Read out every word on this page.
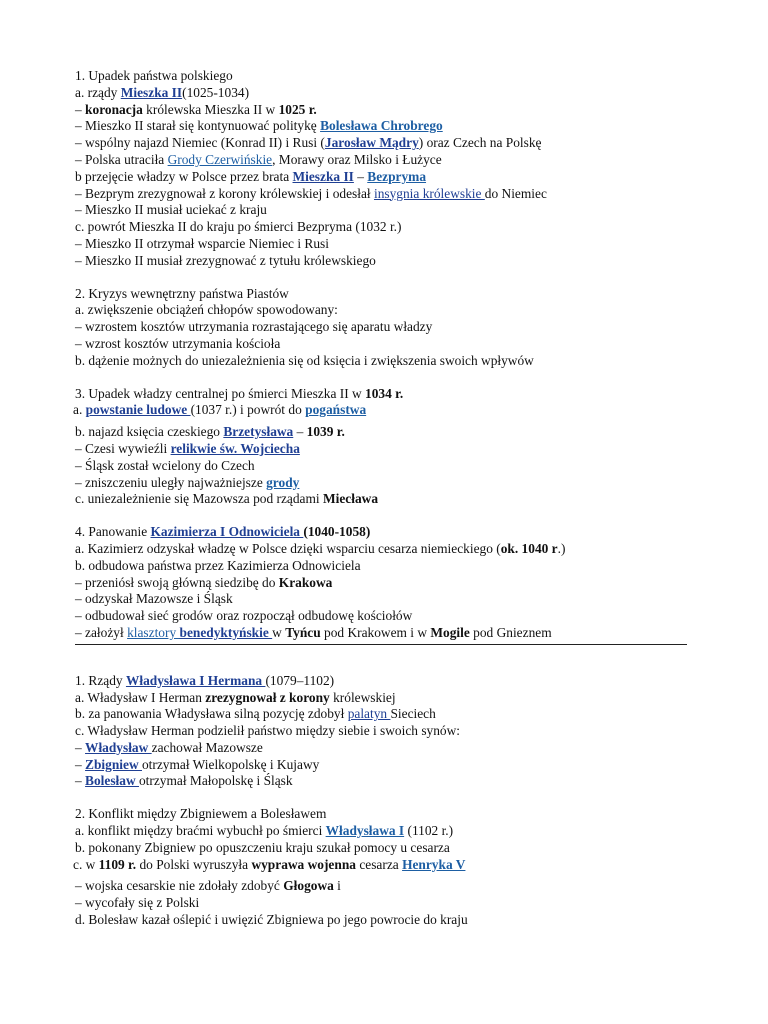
1. Upadek państwa polskiego
a. rządy Mieszka II(1025-1034)
– koronacja królewska Mieszka II w 1025 r.
– Mieszko II starał się kontynuować politykę Bolesława Chrobrego
– wspólny najazd Niemiec (Konrad II) i Rusi (Jarosław Mądry) oraz Czech na Polskę
– Polska utraciła Grody Czerwińskie, Morawy oraz Milsko i Łużyce
b przejęcie władzy w Polsce przez brata Mieszka II – Bezpryma
– Bezprym zrezygnował z korony królewskiej i odesłał insygnia królewskie do Niemiec
– Mieszko II musiał uciekać z kraju
c. powrót Mieszka II do kraju po śmierci Bezpryma (1032 r.)
– Mieszko II otrzymał wsparcie Niemiec i Rusi
– Mieszko II musiał zrezygnować z tytułu królewskiego
2. Kryzys wewnętrzny państwa Piastów
a. zwiększenie obciążeń chłopów spowodowany:
– wzrostem kosztów utrzymania rozrastającego się aparatu władzy
– wzrost kosztów utrzymania kościoła
b. dążenie możnych do uniezależnienia się od księcia i zwiększenia swoich wpływów
3. Upadek władzy centralnej po śmierci Mieszka II w 1034 r.
a. powstanie ludowe (1037 r.) i powrót do pogaństwa
b. najazd księcia czeskiego Brzetysława – 1039 r.
– Czesi wywieźli relikwie św. Wojciecha
– Śląsk został wcielony do Czech
– zniszczeniu uległy najważniejsze grody
c. uniezależnienie się Mazowsza pod rządami Miecława
4. Panowanie Kazimierza I Odnowiciela (1040-1058)
a. Kazimierz odzyskał władzę w Polsce dzięki wsparciu cesarza niemieckiego (ok. 1040 r.)
b. odbudowa państwa przez Kazimierza Odnowiciela
– przeniósł swoją główną siedzibę do Krakowa
– odzyskał Mazowsze i Śląsk
– odbudował sieć grodów oraz rozpoczął odbudowę kościołów
– założył klasztory benedyktyńskie w Tyńcu pod Krakowem i w Mogile pod Gnieznem
1. Rządy Władysława I Hermana (1079–1102)
a. Władysław I Herman zrezygnował z korony królewskiej
b. za panowania Władysława silną pozycję zdobył palatyn Sieciech
c. Władysław Herman podzielił państwo między siebie i swoich synów:
– Władysław zachował Mazowsze
– Zbigniew otrzymał Wielkopolskę i Kujawy
– Bolesław otrzymał Małopolskę i Śląsk
2. Konflikt między Zbigniewem a Bolesławem
a. konflikt między braćmi wybuchł po śmierci Władysława I (1102 r.)
b. pokonany Zbigniew po opuszczeniu kraju szukał pomocy u cesarza
c. w 1109 r. do Polski wyruszyła wyprawa wojenna cesarza Henryka V
– wojska cesarskie nie zdołały zdobyć Głogowa i
– wycofały się z Polski
d. Bolesław kazał oślepić i uwięzić Zbigniewa po jego powrocie do kraju
